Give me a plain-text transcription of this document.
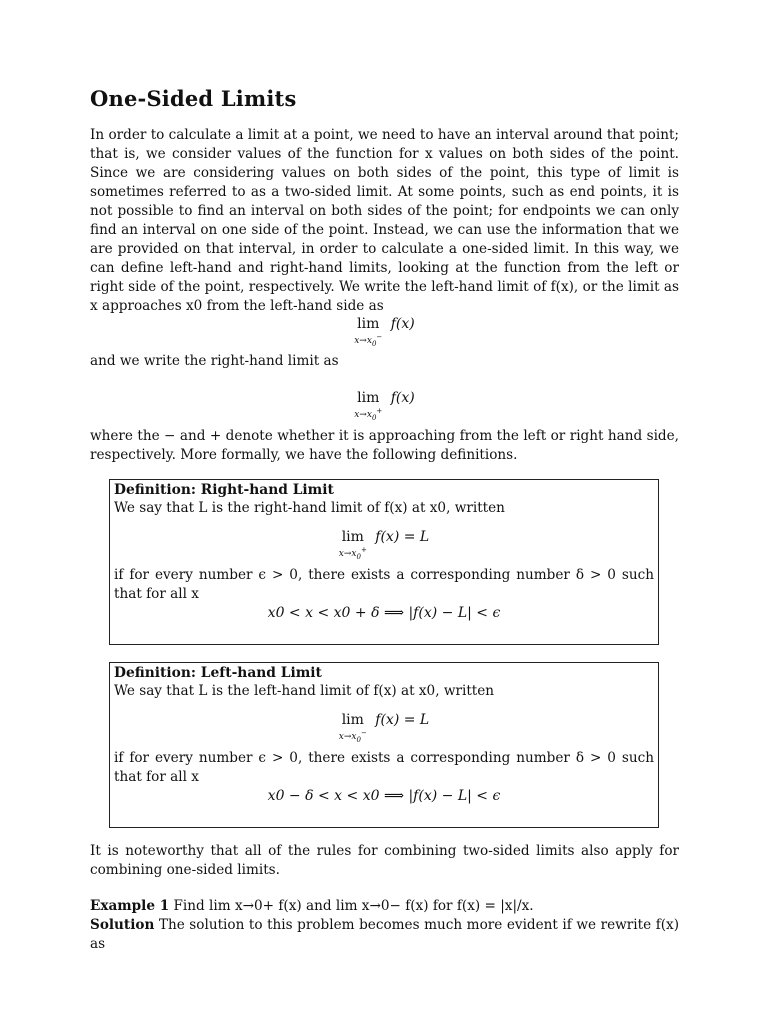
One-Sided Limits

In order to calculate a limit at a point, we need to have an interval around that point; that is, we consider values of the function for x values on both sides of the point. Since we are considering values on both sides of the point, this type of limit is sometimes referred to as a two-sided limit. At some points, such as end points, it is not possible to find an interval on both sides of the point; for endpoints we can only find an interval on one side of the point. Instead, we can use the information that we are provided on that interval, in order to calculate a one-sided limit. In this way, we can define left-hand and right-hand limits, looking at the function from the left or right side of the point, respectively. We write the left-hand limit of f(x), or the limit as x approaches x0 from the left-hand side as

lim
$x\to x_0^-$
f(x)

and we write the right-hand limit as

lim
$x\to x_0^+$
f(x)

where the − and + denote whether it is approaching from the left or right hand side, respectively. More formally, we have the following definitions.

Definition: Right-hand Limit
We say that L is the right-hand limit of f(x) at x0, written
lim
$x\to x_0^+$
f(x) = L
if for every number ϵ > 0, there exists a corresponding number δ > 0 such that for all x
x0 < x < x0 + δ ⟹ |f(x) − L| < ϵ
Definition: Left-hand Limit
We say that L is the left-hand limit of f(x) at x0, written
lim
$x\to x_0^-$
f(x) = L
if for every number ϵ > 0, there exists a corresponding number δ > 0 such that for all x
x0 − δ < x < x0 ⟹ |f(x) − L| < ϵ

It is noteworthy that all of the rules for combining two-sided limits also apply for combining one-sided limits.

Example 1 Find lim x→0+ f(x) and lim x→0− f(x) for f(x) = |x|/x.

Solution The solution to this problem becomes much more evident if we rewrite f(x) as
